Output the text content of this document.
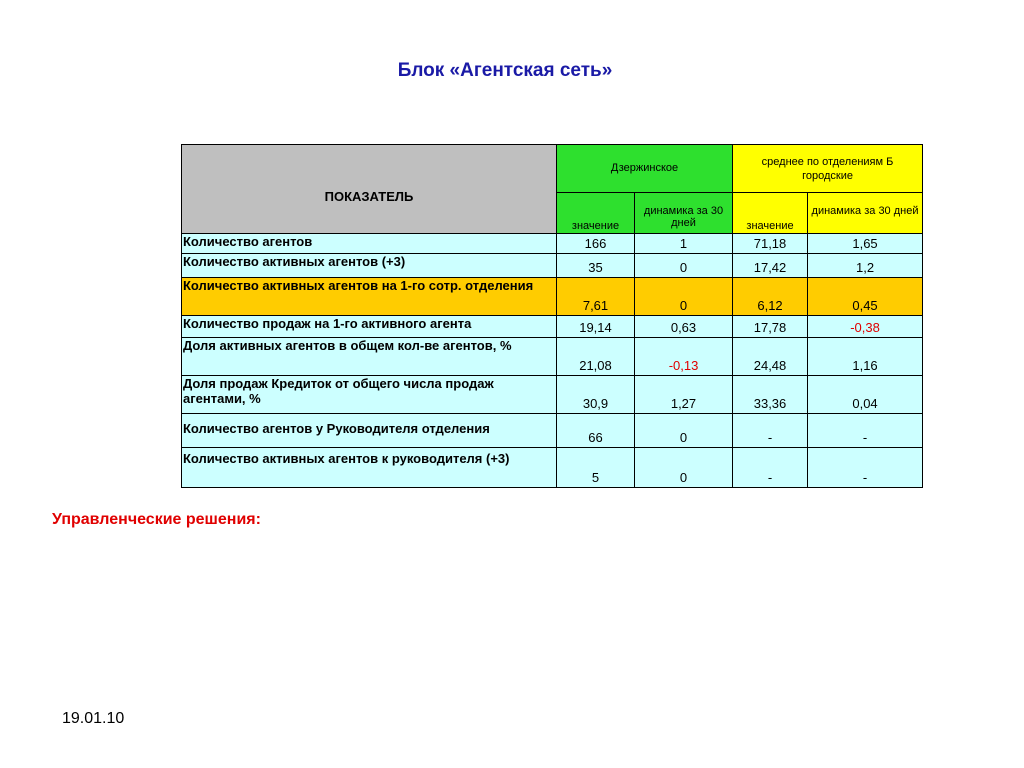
Блок «Агентская сеть»
ПОКАЗАТЕЛЬ	Дзержинское		среднее по отделениям Б городские	
	значение	динамика за 30 дней	значение	динамика за 30 дней
Количество агентов	166	1	71,18	1,65
Количество активных агентов (+3)	35	0	17,42	1,2
Количество активных агентов на 1-го сотр. отделения	7,61	0	6,12	0,45
Количество продаж на 1-го активного агента	19,14	0,63	17,78	-0,38
Доля активных агентов в общем кол-ве агентов, %	21,08	-0,13	24,48	1,16
Доля продаж Кредиток от общего числа продаж агентами, %	30,9	1,27	33,36	0,04
Количество агентов у Руководителя отделения	66	0	-	-
Количество активных агентов к руководителя (+3)	5	0	-	-
Управленческие решения:
19.01.10
